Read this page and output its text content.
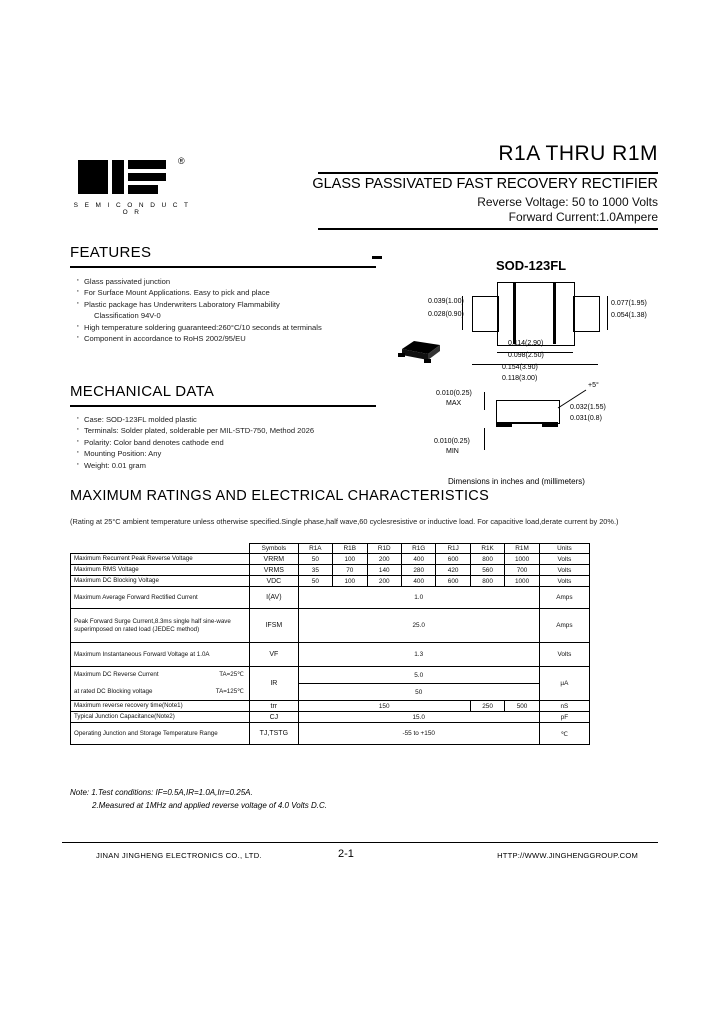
®
S E M I C O N D U C T O R
R1A THRU R1M
GLASS PASSIVATED FAST RECOVERY RECTIFIER
Reverse Voltage: 50 to 1000 Volts
Forward Current:1.0Ampere
FEATURES
· Glass passivated junction
· For Surface Mount Applications. Easy to pick and place
· Plastic package has Underwriters Laboratory Flammability
Classification 94V-0
· High temperature soldering guaranteed:260°C/10 seconds at terminals
· Component in accordance to RoHS 2002/95/EU
MECHANICAL DATA
· Case: SOD-123FL molded plastic
· Terminals: Solder plated, solderable per MIL-STD-750, Method 2026
· Polarity: Color band denotes cathode end
· Mounting Position: Any
· Weight: 0.01 gram
SOD-123FL
0.039(1.00)
0.028(0.90)
0.114(2.90)
0.098(2.50)
0.154(3.90)
0.118(3.00)
0.077(1.95)
0.054(1.38)
0.010(0.25)
MAX
0.010(0.25)
MIN
+5°
0.032(1.55)
0.031(0.8)
Dimensions in inches and (millimeters)
MAXIMUM RATINGS AND ELECTRICAL CHARACTERISTICS
(Rating at 25°C ambient temperature unless otherwise specified.Single phase,half wave,60 cyclesresistive or inductive load. For capacitive load,derate current by 20%.)
	Symbols	R1A	R1B	R1D	R1G	R1J	R1K	R1M	Units
Maximum Recurrent Peak Reverse Voltage	VRRM	50	100	200	400	600	800	1000	Volts
Maximum RMS Voltage	VRMS	35	70	140	280	420	560	700	Volts
Maximum DC Blocking Voltage	VDC	50	100	200	400	600	800	1000	Volts
Maximum Average Forward Rectified Current	I(AV)	1.0							Amps
Peak Forward Surge Current,8.3ms single half sine-wave superimposed on rated load (JEDEC method)	IFSM	25.0							Amps
Maximum Instantaneous Forward Voltage at 1.0A	VF	1.3							Volts
Maximum DC Reverse Current TA=25℃	IR	5.0							µA
at rated DC Blocking voltage TA=125℃		50							
Maximum reverse recovery time(Note1)	trr	150					250	500	nS
Typical Junction Capacitance(Note2)	CJ	15.0							pF
Operating Junction and Storage Temperature Range	TJ,TSTG	-55 to +150							℃
Note: 1.Test conditions: IF=0.5A,IR=1.0A,Irr=0.25A.
2.Measured at 1MHz and applied reverse voltage of 4.0 Volts D.C.
JINAN JINGHENG ELECTRONICS CO., LTD.	2-1	HTTP://WWW.JINGHENGGROUP.COM
